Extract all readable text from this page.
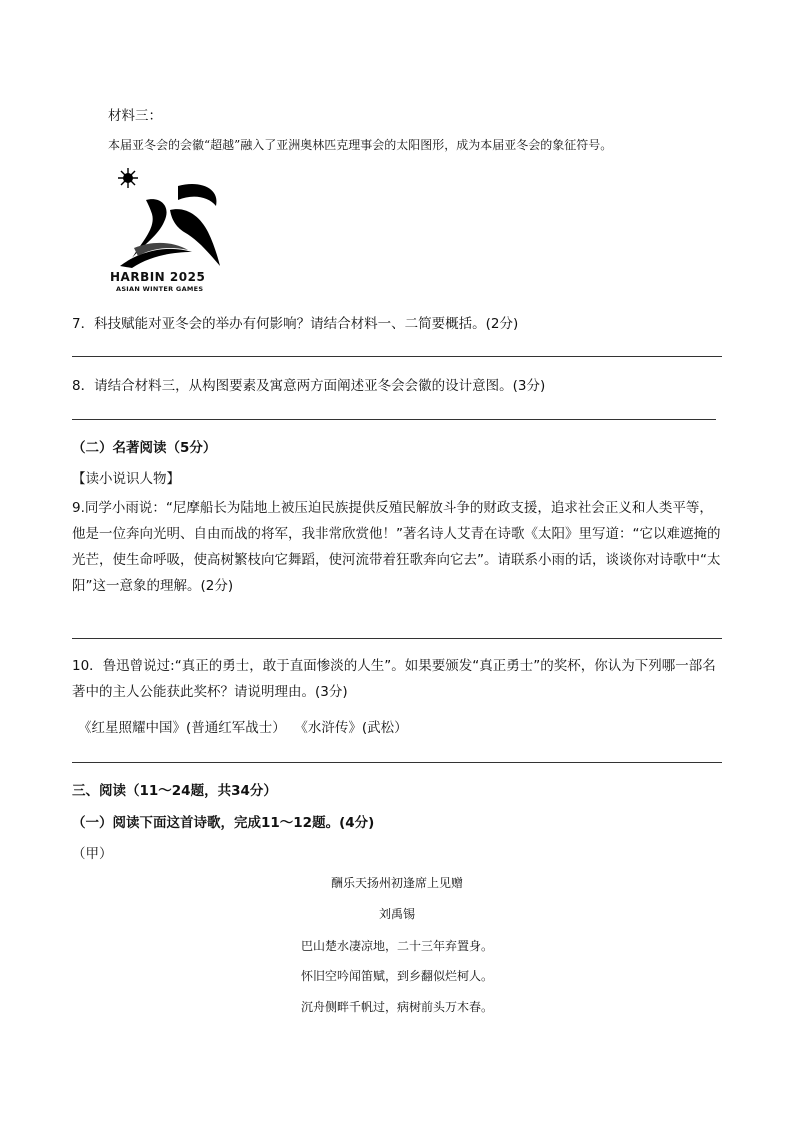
材料三：
本届亚冬会的会徽“超越”融入了亚洲奥林匹克理事会的太阳图形，成为本届亚冬会的象征符号。
HARBIN 2025
ASIAN WINTER GAMES
7．科技赋能对亚冬会的举办有何影响？请结合材料一、二简要概括。(2分)
8．请结合材料三，从构图要素及寓意两方面阐述亚冬会会徽的设计意图。(3分)
（二）名著阅读（5分）
【读小说识人物】
9.同学小雨说：“尼摩船长为陆地上被压迫民族提供反殖民解放斗争的财政支援，追求社会正义和人类平等，他是一位奔向光明、自由而战的将军，我非常欣赏他！”著名诗人艾青在诗歌《太阳》里写道：“它以难遮掩的光芒，使生命呼吸，使高树繁枝向它舞蹈，使河流带着狂歌奔向它去”。请联系小雨的话，谈谈你对诗歌中“太阳”这一意象的理解。(2分)
10．鲁迅曾说过:“真正的勇士，敢于直面惨淡的人生”。如果要颁发“真正勇士”的奖杯，你认为下列哪一部名著中的主人公能获此奖杯？请说明理由。(3分)
《红星照耀中国》(普通红军战士）  《水浒传》(武松）
三、阅读（11～24题，共34分）
（一）阅读下面这首诗歌，完成11～12题。(4分)
（甲）
酬乐天扬州初逢席上见赠
刘禹锡
巴山楚水凄凉地，二十三年弃置身。
怀旧空吟闻笛赋，到乡翻似烂柯人。
沉舟侧畔千帆过，病树前头万木春。
